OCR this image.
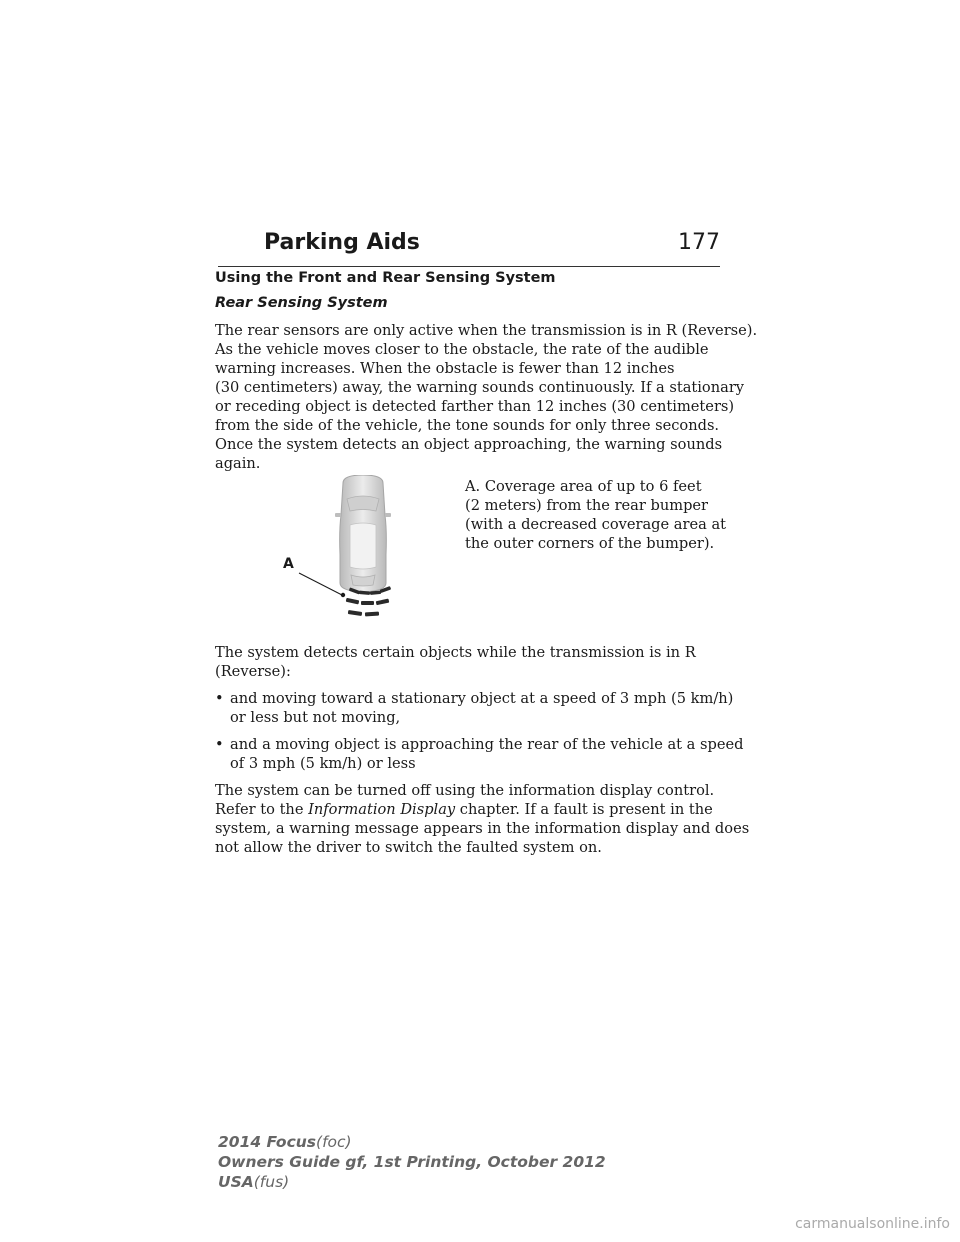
Parking Aids	177
Using the Front and Rear Sensing System
Rear Sensing System

The rear sensors are only active when the transmission is in R (Reverse).
As the vehicle moves closer to the obstacle, the rate of the audible
warning increases. When the obstacle is fewer than 12 inches
(30 centimeters) away, the warning sounds continuously. If a stationary
or receding object is detected farther than 12 inches (30 centimeters)
from the side of the vehicle, the tone sounds for only three seconds.
Once the system detects an object approaching, the warning sounds
again.

A

A. Coverage area of up to 6 feet
(2 meters) from the rear bumper
(with a decreased coverage area at
the outer corners of the bumper).

The system detects certain objects while the transmission is in R
(Reverse):

• and moving toward a stationary object at a speed of 3 mph (5 km/h)
or less but not moving,
• and a moving object is approaching the rear of the vehicle at a speed
of 3 mph (5 km/h) or less

The system can be turned off using the information display control.
Refer to the Information Display chapter. If a fault is present in the
system, a warning message appears in the information display and does
not allow the driver to switch the faulted system on.

2014 Focus(foc)
Owners Guide gf, 1st Printing, October 2012
USA(fus)
carmanualsonline.info
